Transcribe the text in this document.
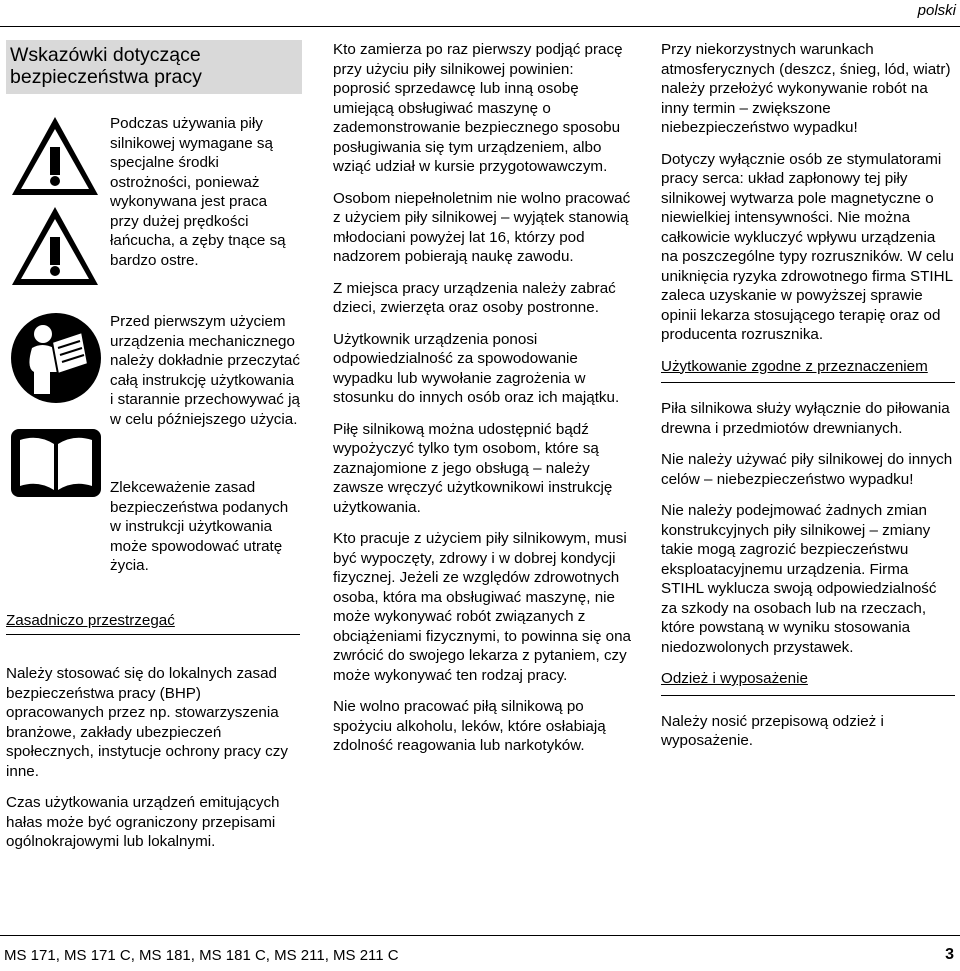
polski
Wskazówki dotyczące bezpieczeństwa pracy
Podczas używania piły silnikowej wymagane są specjalne środki ostrożności, ponieważ wykonywana jest praca przy dużej prędkości łańcucha, a zęby tnące są bardzo ostre.
Przed pierwszym użyciem urządzenia mechanicznego należy dokładnie przeczytać całą instrukcję użytkowania i starannie przechowywać ją w celu późniejszego użycia.
Zlekceważenie zasad bezpieczeństwa podanych w instrukcji użytkowania może spowodować utratę życia.
Zasadniczo przestrzegać

Należy stosować się do lokalnych zasad bezpieczeństwa pracy (BHP) opracowanych przez np. stowarzyszenia branżowe, zakłady ubezpieczeń społecznych, instytucje ochrony pracy czy inne.

Czas użytkowania urządzeń emitujących hałas może być ograniczony przepisami ogólnokrajowymi lub lokalnymi.

Kto zamierza po raz pierwszy podjąć pracę przy użyciu piły silnikowej powinien: poprosić sprzedawcę lub inną osobę umiejącą obsługiwać maszynę o zademonstrowanie bezpiecznego sposobu posługiwania się tym urządzeniem, albo wziąć udział w kursie przygotowawczym.

Osobom niepełnoletnim nie wolno pracować z użyciem piły silnikowej – wyjątek stanowią młodociani powyżej lat 16, którzy pod nadzorem pobierają naukę zawodu.

Z miejsca pracy urządzenia należy zabrać dzieci, zwierzęta oraz osoby postronne.

Użytkownik urządzenia ponosi odpowiedzialność za spowodowanie wypadku lub wywołanie zagrożenia w stosunku do innych osób oraz ich majątku.

Piłę silnikową można udostępnić bądź wypożyczyć tylko tym osobom, które są zaznajomione z jego obsługą – należy zawsze wręczyć użytkownikowi instrukcję użytkowania.

Kto pracuje z użyciem piły silnikowym, musi być wypoczęty, zdrowy i w dobrej kondycji fizycznej. Jeżeli ze względów zdrowotnych osoba, która ma obsługiwać maszynę, nie może wykonywać robót związanych z obciążeniami fizycznymi, to powinna się ona zwrócić do swojego lekarza z pytaniem, czy może wykonywać ten rodzaj pracy.

Nie wolno pracować piłą silnikową po spożyciu alkoholu, leków, które osłabiają zdolność reagowania lub narkotyków.

Przy niekorzystnych warunkach atmosferycznych (deszcz, śnieg, lód, wiatr) należy przełożyć wykonywanie robót na inny termin – zwiększone niebezpieczeństwo wypadku!

Dotyczy wyłącznie osób ze stymulatorami pracy serca: układ zapłonowy tej piły silnikowej wytwarza pole magnetyczne o niewielkiej intensywności. Nie można całkowicie wykluczyć wpływu urządzenia na poszczególne typy rozruszników. W celu uniknięcia ryzyka zdrowotnego firma STIHL zaleca uzyskanie w powyższej sprawie opinii lekarza stosującego terapię oraz od producenta rozrusznika.

Użytkowanie zgodne z przeznaczeniem

Piła silnikowa służy wyłącznie do piłowania drewna i przedmiotów drewnianych.

Nie należy używać piły silnikowej do innych celów – niebezpieczeństwo wypadku!

Nie należy podejmować żadnych zmian konstrukcyjnych piły silnikowej – zmiany takie mogą zagrozić bezpieczeństwu eksploatacyjnemu urządzenia. Firma STIHL wyklucza swoją odpowiedzialność za szkody na osobach lub na rzeczach, które powstaną w wyniku stosowania niedozwolonych przystawek.

Odzież i wyposażenie

Należy nosić przepisową odzież i wyposażenie.

MS 171, MS 171 C, MS 181, MS 181 C, MS 211, MS 211 C	3
